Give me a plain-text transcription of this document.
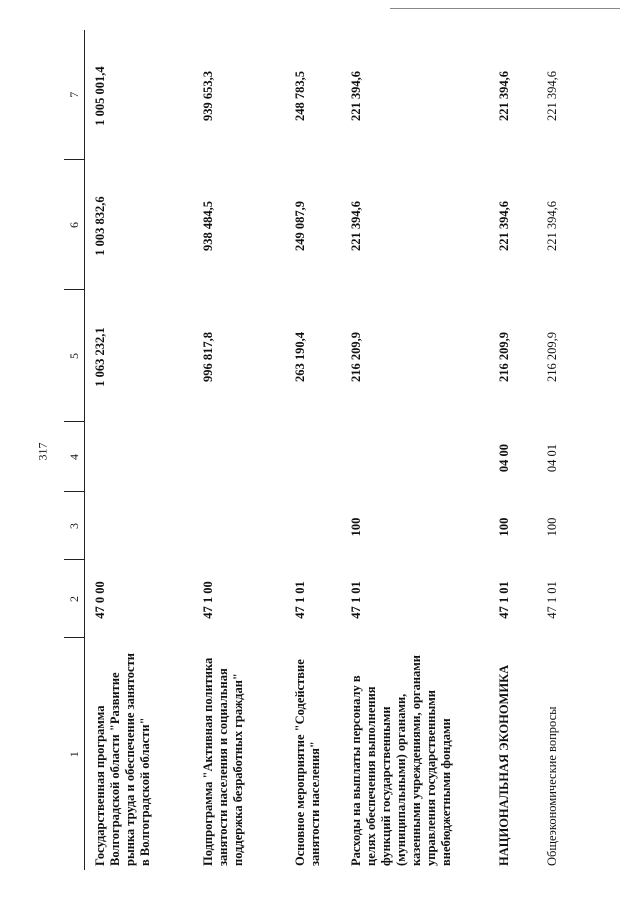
317
1	2	3	4	5	6	7
Государственная программа Волгоградской области "Развитие рынка труда и обеспечение занятости в Волгоградской области"	47 0 00			1 063 232,1	1 003 832,6	1 005 001,4
Подпрограмма "Активная политика занятости населения и социальная поддержка безработных граждан"	47 1 00			996 817,8	938 484,5	939 653,3
Основное мероприятие "Содействие занятости населения"	47 1 01			263 190,4	249 087,9	248 783,5
Расходы на выплаты персоналу в целях обеспечения выполнения функций государственными (муниципальными) органами, казенными учреждениями, органами управления государственными внебюджетными фондами	47 1 01	100		216 209,9	221 394,6	221 394,6
НАЦИОНАЛЬНАЯ ЭКОНОМИКА	47 1 01	100	04 00	216 209,9	221 394,6	221 394,6
Общеэкономические вопросы	47 1 01	100	04 01	216 209,9	221 394,6	221 394,6
